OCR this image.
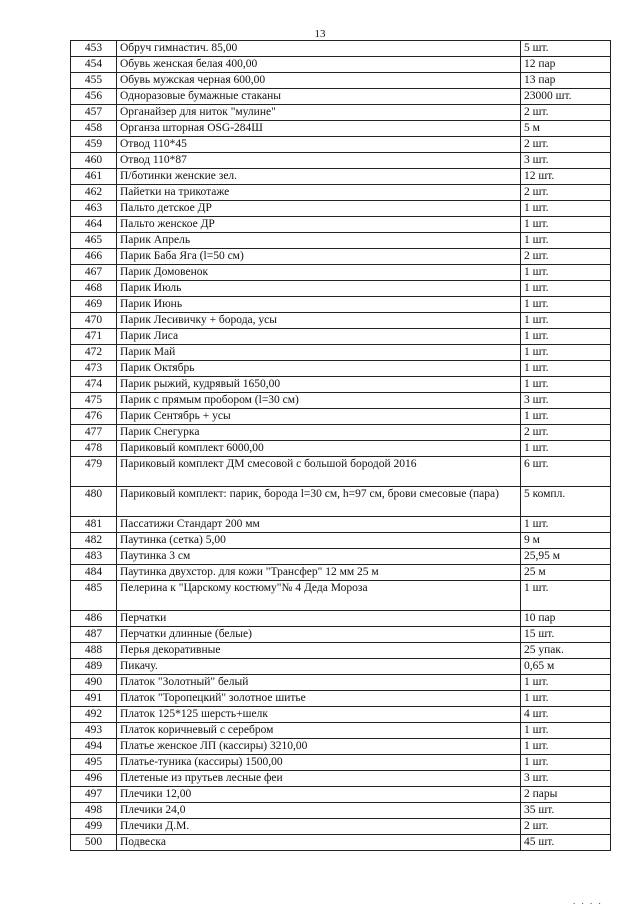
13
453	Обруч гимнастич. 85,00	5 шт.
454	Обувь женская белая 400,00	12 пар
455	Обувь мужская черная 600,00	13 пар
456	Одноразовые бумажные стаканы	23000 шт.
457	Органайзер для ниток "мулине"	2 шт.
458	Органза шторная OSG-284Ш	5 м
459	Отвод 110*45	2 шт.
460	Отвод 110*87	3 шт.
461	П/ботинки женские зел.	12 шт.
462	Пайетки на трикотаже	2 шт.
463	Пальто детское ДР	1 шт.
464	Пальто женское ДР	1 шт.
465	Парик Апрель	1 шт.
466	Парик Баба Яга (l=50 см)	2 шт.
467	Парик Домовенок	1 шт.
468	Парик Июль	1 шт.
469	Парик Июнь	1 шт.
470	Парик Лесивичку + борода, усы	1 шт.
471	Парик Лиса	1 шт.
472	Парик Май	1 шт.
473	Парик Октябрь	1 шт.
474	Парик рыжий, кудрявый 1650,00	1 шт.
475	Парик с прямым пробором (l=30 см)	3 шт.
476	Парик Сентябрь + усы	1 шт.
477	Парик Снегурка	2 шт.
478	Париковый комплект 6000,00	1 шт.
479	Париковый комплект ДМ смесовой с большой бородой 2016	6 шт.
480	Париковый комплект: парик, борода l=30 см, h=97 см, брови смесовые (пара)	5 компл.
481	Пассатижи Стандарт 200 мм	1 шт.
482	Паутинка (сетка) 5,00	9 м
483	Паутинка 3 см	25,95 м
484	Паутинка двухстор. для кожи "Трансфер" 12 мм 25 м	25 м
485	Пелерина к "Царскому костюму"№ 4 Деда Мороза	1 шт.
486	Перчатки	10 пар
487	Перчатки длинные (белые)	15 шт.
488	Перья декоративные	25 упак.
489	Пикачу.	0,65 м
490	Платок "Золотный" белый	1 шт.
491	Платок "Торопецкий" золотное шитье	1 шт.
492	Платок 125*125 шерсть+шелк	4 шт.
493	Платок коричневый с серебром	1 шт.
494	Платье женское ЛП (кассиры) 3210,00	1 шт.
495	Платье-туника (кассиры) 1500,00	1 шт.
496	Плетеные из прутьев лесные феи	3 шт.
497	Плечики 12,00	2 пары
498	Плечики 24,0	35 шт.
499	Плечики Д.М.	2 шт.
500	Подвеска	45 шт.
. . . .
